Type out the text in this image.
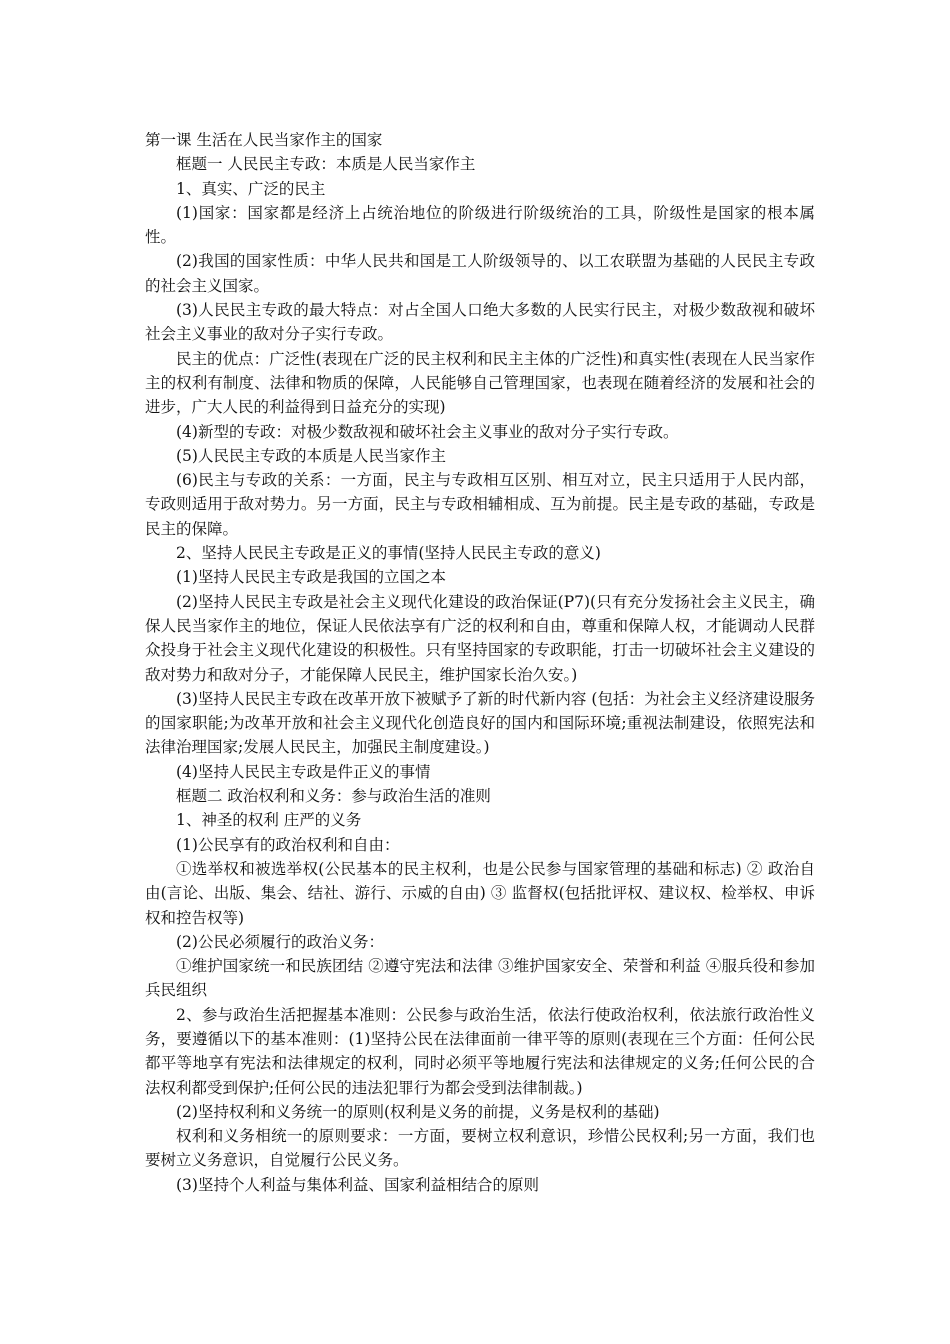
第一课 生活在人民当家作主的国家

框题一 人民民主专政：本质是人民当家作主

1、真实、广泛的民主

(1)国家：国家都是经济上占统治地位的阶级进行阶级统治的工具，阶级性是国家的根本属性。

(2)我国的国家性质：中华人民共和国是工人阶级领导的、以工农联盟为基础的人民民主专政的社会主义国家。

(3)人民民主专政的最大特点：对占全国人口绝大多数的人民实行民主，对极少数敌视和破坏社会主义事业的敌对分子实行专政。

民主的优点：广泛性(表现在广泛的民主权利和民主主体的广泛性)和真实性(表现在人民当家作主的权利有制度、法律和物质的保障，人民能够自己管理国家，也表现在随着经济的发展和社会的进步，广大人民的利益得到日益充分的实现)

(4)新型的专政：对极少数敌视和破坏社会主义事业的敌对分子实行专政。

(5)人民民主专政的本质是人民当家作主

(6)民主与专政的关系：一方面，民主与专政相互区别、相互对立，民主只适用于人民内部，专政则适用于敌对势力。另一方面，民主与专政相辅相成、互为前提。民主是专政的基础，专政是民主的保障。

2、坚持人民民主专政是正义的事情(坚持人民民主专政的意义)

(1)坚持人民民主专政是我国的立国之本

(2)坚持人民民主专政是社会主义现代化建设的政治保证(P7)(只有充分发扬社会主义民主，确保人民当家作主的地位，保证人民依法享有广泛的权利和自由，尊重和保障人权，才能调动人民群众投身于社会主义现代化建设的积极性。只有坚持国家的专政职能，打击一切破坏社会主义建设的敌对势力和敌对分子，才能保障人民民主，维护国家长治久安。)

(3)坚持人民民主专政在改革开放下被赋予了新的时代新内容 (包括：为社会主义经济建设服务的国家职能;为改革开放和社会主义现代化创造良好的国内和国际环境;重视法制建设，依照宪法和法律治理国家;发展人民民主，加强民主制度建设。)

(4)坚持人民民主专政是件正义的事情

框题二 政治权利和义务：参与政治生活的准则

1、神圣的权利 庄严的义务

(1)公民享有的政治权利和自由：

①选举权和被选举权(公民基本的民主权利，也是公民参与国家管理的基础和标志) ② 政治自由(言论、出版、集会、结社、游行、示威的自由) ③ 监督权(包括批评权、建议权、检举权、申诉权和控告权等)

(2)公民必须履行的政治义务：

①维护国家统一和民族团结 ②遵守宪法和法律 ③维护国家安全、荣誉和利益 ④服兵役和参加兵民组织

2、参与政治生活把握基本准则：公民参与政治生活，依法行使政治权利，依法旅行政治性义务，要遵循以下的基本准则：(1)坚持公民在法律面前一律平等的原则(表现在三个方面：任何公民都平等地享有宪法和法律规定的权利，同时必须平等地履行宪法和法律规定的义务;任何公民的合法权利都受到保护;任何公民的违法犯罪行为都会受到法律制裁。)

(2)坚持权利和义务统一的原则(权利是义务的前提，义务是权利的基础)

权利和义务相统一的原则要求：一方面，要树立权利意识，珍惜公民权利;另一方面，我们也要树立义务意识，自觉履行公民义务。

(3)坚持个人利益与集体利益、国家利益相结合的原则
